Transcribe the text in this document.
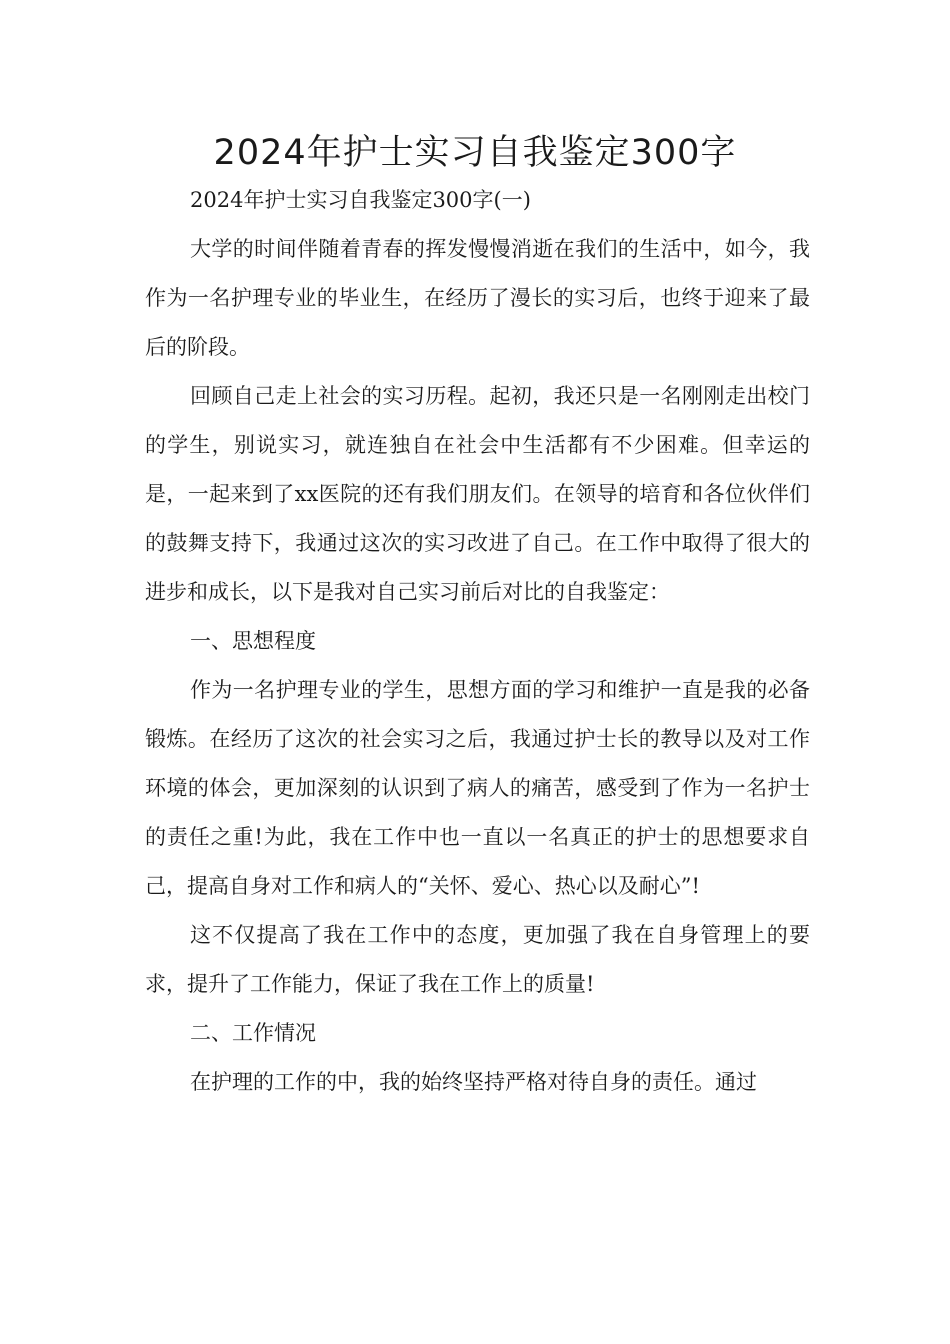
2024年护士实习自我鉴定300字

2024年护士实习自我鉴定300字(一)

大学的时间伴随着青春的挥发慢慢消逝在我们的生活中，如今，我作为一名护理专业的毕业生，在经历了漫长的实习后，也终于迎来了最后的阶段。

回顾自己走上社会的实习历程。起初，我还只是一名刚刚走出校门的学生，别说实习，就连独自在社会中生活都有不少困难。但幸运的是，一起来到了xx医院的还有我们朋友们。在领导的培育和各位伙伴们的鼓舞支持下，我通过这次的实习改进了自己。在工作中取得了很大的进步和成长，以下是我对自己实习前后对比的自我鉴定：

一、思想程度

作为一名护理专业的学生，思想方面的学习和维护一直是我的必备锻炼。在经历了这次的社会实习之后，我通过护士长的教导以及对工作环境的体会，更加深刻的认识到了病人的痛苦，感受到了作为一名护士的责任之重!为此，我在工作中也一直以一名真正的护士的思想要求自己，提高自身对工作和病人的“关怀、爱心、热心以及耐心”!

这不仅提高了我在工作中的态度，更加强了我在自身管理上的要求，提升了工作能力，保证了我在工作上的质量!

二、工作情况

在护理的工作的中，我的始终坚持严格对待自身的责任。通过
